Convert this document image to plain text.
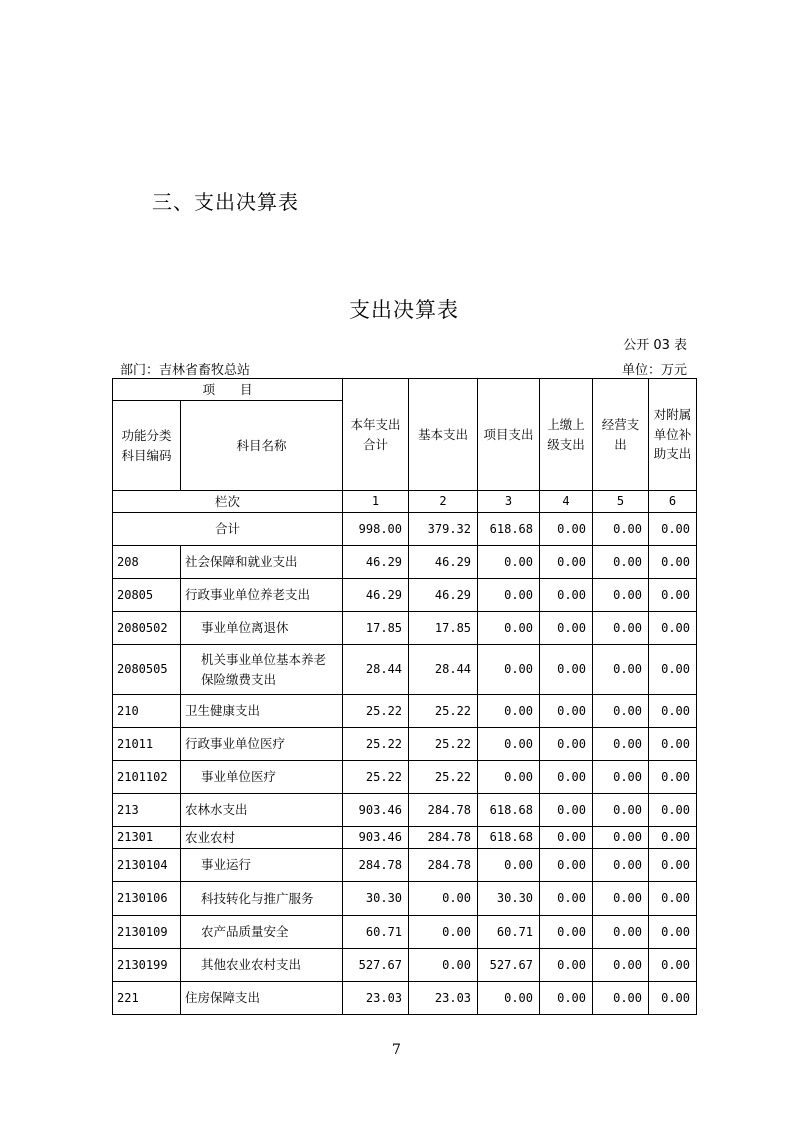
三、支出决算表
支出决算表
公开 03 表
部门：吉林省畜牧总站	单位：万元
项　　目		本年支出合计	基本支出	项目支出	上缴上级支出	经营支出	对附属单位补助支出
功能分类科目编码	科目名称						
栏次		1	2	3	4	5	6
合计		998.00	379.32	618.68	0.00	0.00	0.00
208	社会保障和就业支出	46.29	46.29	0.00	0.00	0.00	0.00
20805	行政事业单位养老支出	46.29	46.29	0.00	0.00	0.00	0.00
2080502	事业单位离退休	17.85	17.85	0.00	0.00	0.00	0.00
2080505	机关事业单位基本养老保险缴费支出	28.44	28.44	0.00	0.00	0.00	0.00
210	卫生健康支出	25.22	25.22	0.00	0.00	0.00	0.00
21011	行政事业单位医疗	25.22	25.22	0.00	0.00	0.00	0.00
2101102	事业单位医疗	25.22	25.22	0.00	0.00	0.00	0.00
213	农林水支出	903.46	284.78	618.68	0.00	0.00	0.00
21301	农业农村	903.46	284.78	618.68	0.00	0.00	0.00
2130104	事业运行	284.78	284.78	0.00	0.00	0.00	0.00
2130106	科技转化与推广服务	30.30	0.00	30.30	0.00	0.00	0.00
2130109	农产品质量安全	60.71	0.00	60.71	0.00	0.00	0.00
2130199	其他农业农村支出	527.67	0.00	527.67	0.00	0.00	0.00
221	住房保障支出	23.03	23.03	0.00	0.00	0.00	0.00
7
